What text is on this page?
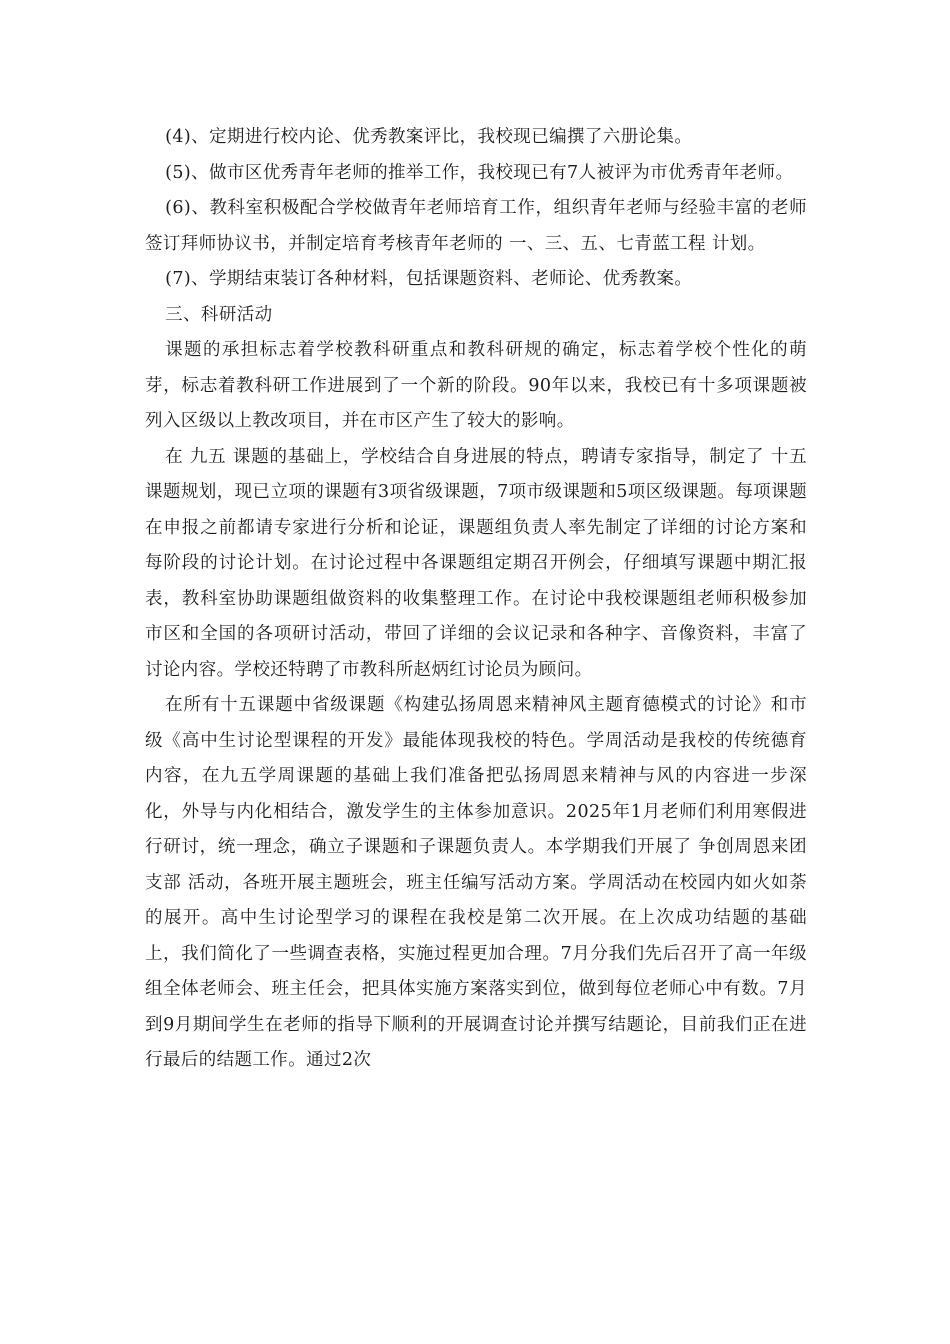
(4)、定期进行校内论、优秀教案评比，我校现已编撰了六册论集。

(5)、做市区优秀青年老师的推举工作，我校现已有7人被评为市优秀青年老师。

(6)、教科室积极配合学校做青年老师培育工作，组织青年老师与经验丰富的老师签订拜师协议书，并制定培育考核青年老师的 一、三、五、七青蓝工程 计划。

(7)、学期结束装订各种材料，包括课题资料、老师论、优秀教案。

三、科研活动

课题的承担标志着学校教科研重点和教科研规的确定，标志着学校个性化的萌芽，标志着教科研工作进展到了一个新的阶段。90年以来，我校已有十多项课题被列入区级以上教改项目，并在市区产生了较大的影响。

在 九五 课题的基础上，学校结合自身进展的特点，聘请专家指导，制定了 十五 课题规划，现已立项的课题有3项省级课题，7项市级课题和5项区级课题。每项课题在申报之前都请专家进行分析和论证，课题组负责人率先制定了详细的讨论方案和每阶段的讨论计划。在讨论过程中各课题组定期召开例会，仔细填写课题中期汇报表，教科室协助课题组做资料的收集整理工作。在讨论中我校课题组老师积极参加市区和全国的各项研讨活动，带回了详细的会议记录和各种字、音像资料，丰富了讨论内容。学校还特聘了市教科所赵炳红讨论员为顾问。

在所有十五课题中省级课题《构建弘扬周恩来精神风主题育德模式的讨论》和市级《高中生讨论型课程的开发》最能体现我校的特色。学周活动是我校的传统德育内容，在九五学周课题的基础上我们准备把弘扬周恩来精神与风的内容进一步深化，外导与内化相结合，激发学生的主体参加意识。2025年1月老师们利用寒假进行研讨，统一理念，确立子课题和子课题负责人。本学期我们开展了 争创周恩来团支部 活动，各班开展主题班会，班主任编写活动方案。学周活动在校园内如火如荼的展开。高中生讨论型学习的课程在我校是第二次开展。在上次成功结题的基础上，我们简化了一些调查表格，实施过程更加合理。7月分我们先后召开了高一年级组全体老师会、班主任会，把具体实施方案落实到位，做到每位老师心中有数。7月到9月期间学生在老师的指导下顺利的开展调查讨论并撰写结题论，目前我们正在进行最后的结题工作。通过2次
